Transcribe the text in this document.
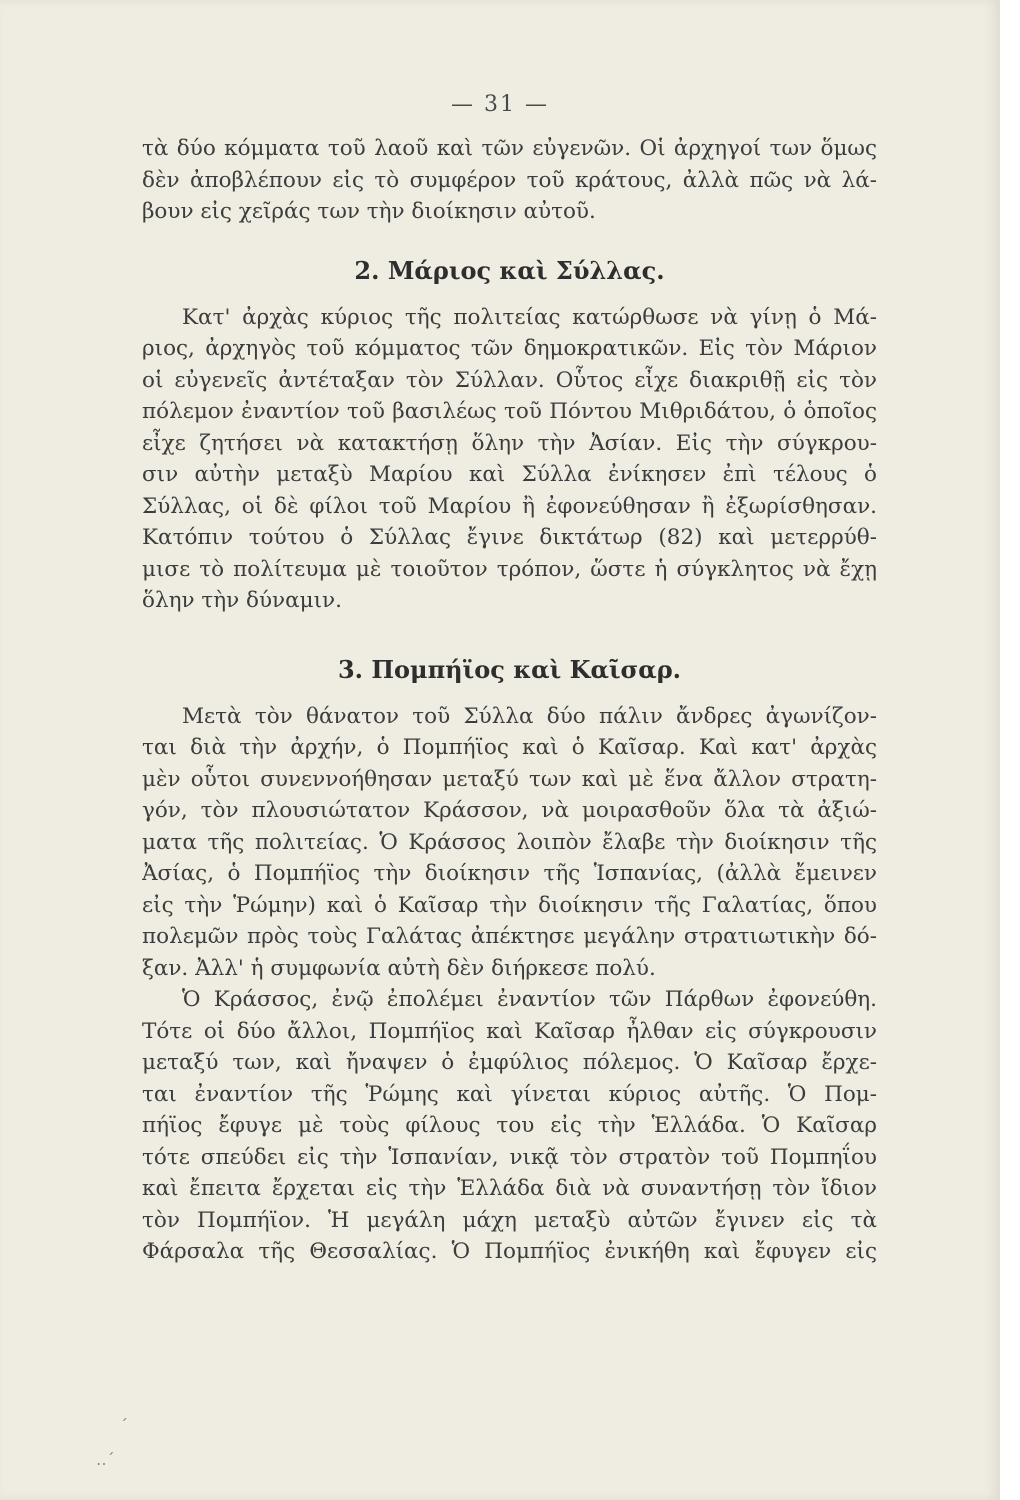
— 31 —
τὰ δύο κόμματα τοῦ λαοῦ καὶ τῶν εὐγενῶν. Οἱ ἀρχηγοί των ὅμως
δὲν ἀποβλέπουν εἰς τὸ συμφέρον τοῦ κράτους, ἀλλὰ πῶς νὰ λά-
βουν εἰς χεῖράς των τὴν διοίκησιν αὐτοῦ.
2. Μάριος καὶ Σύλλας.
Κατ' ἀρχὰς κύριος τῆς πολιτείας κατώρθωσε νὰ γίνῃ ὁ Μά-
ριος, ἀρχηγὸς τοῦ κόμματος τῶν δημοκρατικῶν. Εἰς τὸν Μάριον
οἱ εὐγενεῖς ἀντέταξαν τὸν Σύλλαν. Οὗτος εἶχε διακριθῇ εἰς τὸν
πόλεμον ἐναντίον τοῦ βασιλέως τοῦ Πόντου Μιθριδάτου, ὁ ὁποῖος
εἶχε ζητήσει νὰ κατακτήσῃ ὅλην τὴν Ἀσίαν. Εἰς τὴν σύγκρου-
σιν αὐτὴν μεταξὺ Μαρίου καὶ Σύλλα ἐνίκησεν ἐπὶ τέλους ὁ
Σύλλας, οἱ δὲ φίλοι τοῦ Μαρίου ἢ ἐφονεύθησαν ἢ ἐξωρίσθησαν.
Κατόπιν τούτου ὁ Σύλλας ἔγινε δικτάτωρ (82) καὶ μετερρύθ-
μισε τὸ πολίτευμα μὲ τοιοῦτον τρόπον, ὥστε ἡ σύγκλητος νὰ ἔχῃ
ὅλην τὴν δύναμιν.
3. Πομπήϊος καὶ Καῖσαρ.
Μετὰ τὸν θάνατον τοῦ Σύλλα δύο πάλιν ἄνδρες ἀγωνίζον-
ται διὰ τὴν ἀρχήν, ὁ Πομπήϊος καὶ ὁ Καῖσαρ. Καὶ κατ' ἀρχὰς
μὲν οὗτοι συνεννοήθησαν μεταξύ των καὶ μὲ ἕνα ἄλλον στρατη-
γόν, τὸν πλουσιώτατον Κράσσον, νὰ μοιρασθοῦν ὅλα τὰ ἀξιώ-
ματα τῆς πολιτείας. Ὁ Κράσσος λοιπὸν ἔλαβε τὴν διοίκησιν τῆς
Ἀσίας, ὁ Πομπήϊος τὴν διοίκησιν τῆς Ἱσπανίας, (ἀλλὰ ἔμεινεν
εἰς τὴν Ῥώμην) καὶ ὁ Καῖσαρ τὴν διοίκησιν τῆς Γαλατίας, ὅπου
πολεμῶν πρὸς τοὺς Γαλάτας ἀπέκτησε μεγάλην στρατιωτικὴν δό-
ξαν. Ἀλλ' ἡ συμφωνία αὐτὴ δὲν διήρκεσε πολύ.
Ὁ Κράσσος, ἐνῷ ἐπολέμει ἐναντίον τῶν Πάρθων ἐφονεύθη.
Τότε οἱ δύο ἄλλοι, Πομπήϊος καὶ Καῖσαρ ἦλθαν εἰς σύγκρουσιν
μεταξύ των, καὶ ἤναψεν ὁ ἐμφύλιος πόλεμος. Ὁ Καῖσαρ ἔρχε-
ται ἐναντίον τῆς Ῥώμης καὶ γίνεται κύριος αὐτῆς. Ὁ Πομ-
πήϊος ἔφυγε μὲ τοὺς φίλους του εἰς τὴν Ἑλλάδα. Ὁ Καῖσαρ
τότε σπεύδει εἰς τὴν Ἱσπανίαν, νικᾷ τὸν στρατὸν τοῦ Πομπηΐου
καὶ ἔπειτα ἔρχεται εἰς τὴν Ἑλλάδα διὰ νὰ συναντήσῃ τὸν ἴδιον
τὸν Πομπήϊον. Ἡ μεγάλη μάχη μεταξὺ αὐτῶν ἔγινεν εἰς τὰ
Φάρσαλα τῆς Θεσσαλίας. Ὁ Πομπήϊος ἐνικήθη καὶ ἔφυγεν εἰς
´
‥´
